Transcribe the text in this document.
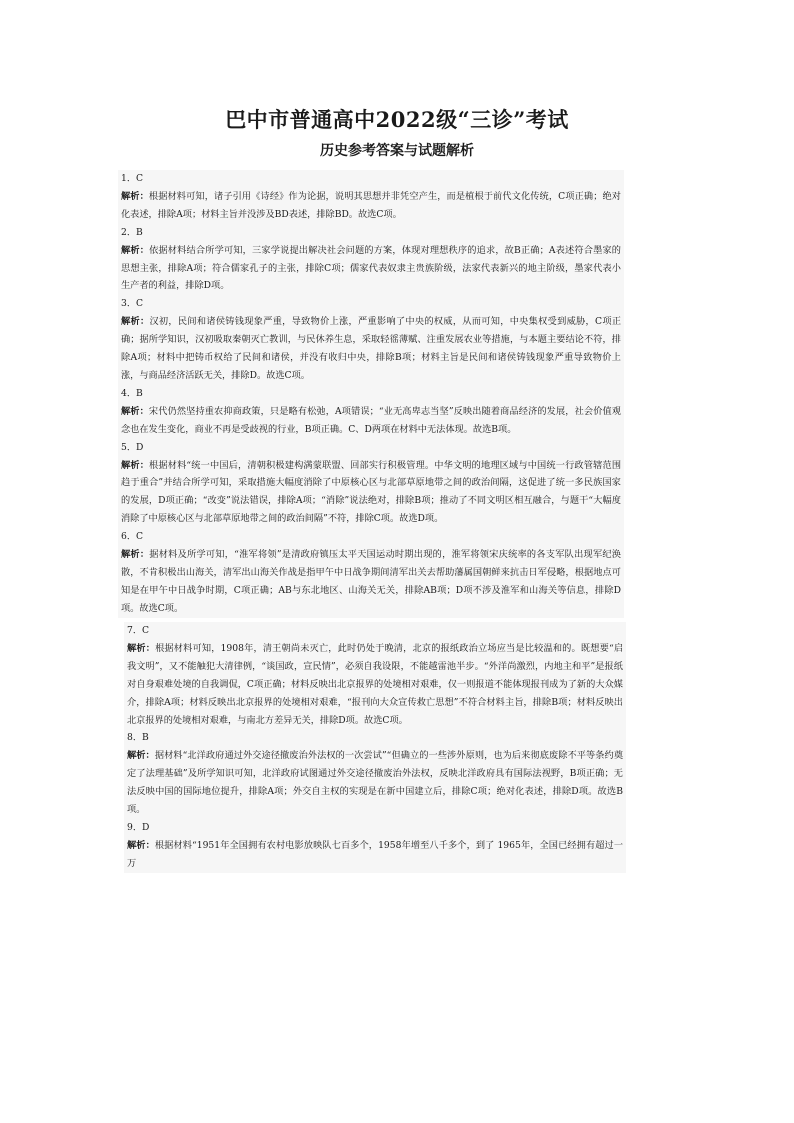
巴中市普通高中2022级“三诊”考试
历史参考答案与试题解析

1．C

解析：根据材料可知，诸子引用《诗经》作为论据，说明其思想并非凭空产生，而是植根于前代文化传统，C项正确；绝对化表述，排除A项；材料主旨并没涉及BD表述，排除BD。故选C项。

2．B

解析：依据材料结合所学可知，三家学说提出解决社会问题的方案，体现对理想秩序的追求，故B正确；A表述符合墨家的思想主张，排除A项；符合儒家孔子的主张，排除C项；儒家代表奴隶主贵族阶级，法家代表新兴的地主阶级，墨家代表小生产者的利益，排除D项。

3．C

解析：汉初，民间和诸侯铸钱现象严重，导致物价上涨，严重影响了中央的权威，从而可知，中央集权受到威胁，C项正确；据所学知识，汉初吸取秦朝灭亡教训，与民休养生息，采取轻徭薄赋、注重发展农业等措施，与本题主要结论不符，排除A项；材料中把铸币权给了民间和诸侯，并没有收归中央，排除B项；材料主旨是民间和诸侯铸钱现象严重导致物价上涨，与商品经济活跃无关，排除D。故选C项。

4．B

解析：宋代仍然坚持重农抑商政策，只是略有松弛，A项错误；“业无高卑志当坚”反映出随着商品经济的发展，社会价值观念也在发生变化，商业不再是受歧视的行业，B项正确。C、D两项在材料中无法体现。故选B项。

5．D

解析：根据材料“统一中国后，清朝积极建构满蒙联盟、回部实行积极管理。中华文明的地理区域与中国统一行政管辖范围趋于重合”并结合所学可知，采取措施大幅度消除了中原核心区与北部草原地带之间的政治间隔，这促进了统一多民族国家的发展，D项正确；“改变”说法错误，排除A项；“消除”说法绝对，排除B项；推动了不同文明区相互融合，与题干“大幅度消除了中原核心区与北部草原地带之间的政治间隔”不符，排除C项。故选D项。

6．C

解析：据材料及所学可知，“淮军将领”是清政府镇压太平天国运动时期出现的，淮军将领宋庆统率的各支军队出现军纪涣散，不肯积极出山海关，清军出山海关作战是指甲午中日战争期间清军出关去帮助藩属国朝鲜来抗击日军侵略，根据地点可知是在甲午中日战争时期，C项正确；AB与东北地区、山海关无关，排除AB项；D项不涉及淮军和山海关等信息，排除D项。故选C项。

7．C

解析：根据材料可知，1908年，清王朝尚未灭亡，此时仍处于晚清，北京的报纸政治立场应当是比较温和的。既想要“启我文明”，又不能触犯大清律例，“谈国政，宣民情”，必须自我设限，不能越雷池半步。“外洋尚激烈，内地主和平”是报纸对自身艰难处境的自我调侃，C项正确；材料反映出北京报界的处境相对艰难，仅一则报道不能体现报刊成为了新的大众媒介，排除A项；材料反映出北京报界的处境相对艰难，“报刊向大众宣传救亡思想”不符合材料主旨，排除B项；材料反映出北京报界的处境相对艰难，与南北方差异无关，排除D项。故选C项。

8．B

解析：据材料“北洋政府通过外交途径撤废治外法权的一次尝试”“但确立的一些涉外原则，也为后来彻底废除不平等条约奠定了法理基础”及所学知识可知，北洋政府试图通过外交途径撤废治外法权，反映北洋政府具有国际法视野，B项正确；无法反映中国的国际地位提升，排除A项；外交自主权的实现是在新中国建立后，排除C项；绝对化表述，排除D项。故选B项。

9．D

解析：根据材料“1951年全国拥有农村电影放映队七百多个，1958年增至八千多个，到了 1965年，全国已经拥有超过一万
